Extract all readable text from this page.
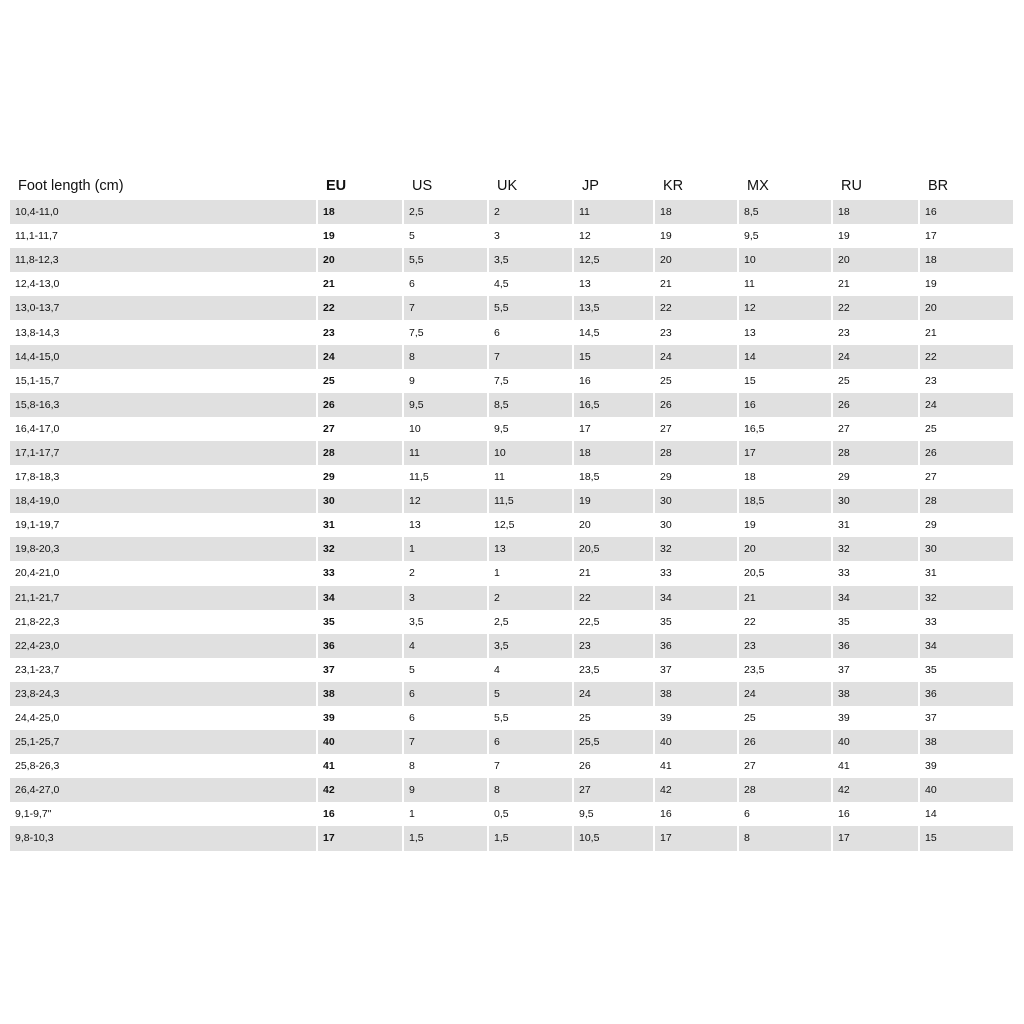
Foot length (cm)	EU	US	UK	JP	KR	MX	RU	BR
10,4-11,0	18	2,5	2	11	18	8,5	18	16
11,1-11,7	19	5	3	12	19	9,5	19	17
11,8-12,3	20	5,5	3,5	12,5	20	10	20	18
12,4-13,0	21	6	4,5	13	21	11	21	19
13,0-13,7	22	7	5,5	13,5	22	12	22	20
13,8-14,3	23	7,5	6	14,5	23	13	23	21
14,4-15,0	24	8	7	15	24	14	24	22
15,1-15,7	25	9	7,5	16	25	15	25	23
15,8-16,3	26	9,5	8,5	16,5	26	16	26	24
16,4-17,0	27	10	9,5	17	27	16,5	27	25
17,1-17,7	28	11	10	18	28	17	28	26
17,8-18,3	29	11,5	11	18,5	29	18	29	27
18,4-19,0	30	12	11,5	19	30	18,5	30	28
19,1-19,7	31	13	12,5	20	30	19	31	29
19,8-20,3	32	1	13	20,5	32	20	32	30
20,4-21,0	33	2	1	21	33	20,5	33	31
21,1-21,7	34	3	2	22	34	21	34	32
21,8-22,3	35	3,5	2,5	22,5	35	22	35	33
22,4-23,0	36	4	3,5	23	36	23	36	34
23,1-23,7	37	5	4	23,5	37	23,5	37	35
23,8-24,3	38	6	5	24	38	24	38	36
24,4-25,0	39	6	5,5	25	39	25	39	37
25,1-25,7	40	7	6	25,5	40	26	40	38
25,8-26,3	41	8	7	26	41	27	41	39
26,4-27,0	42	9	8	27	42	28	42	40
9,1-9,7"	16	1	0,5	9,5	16	6	16	14
9,8-10,3	17	1,5	1,5	10,5	17	8	17	15
